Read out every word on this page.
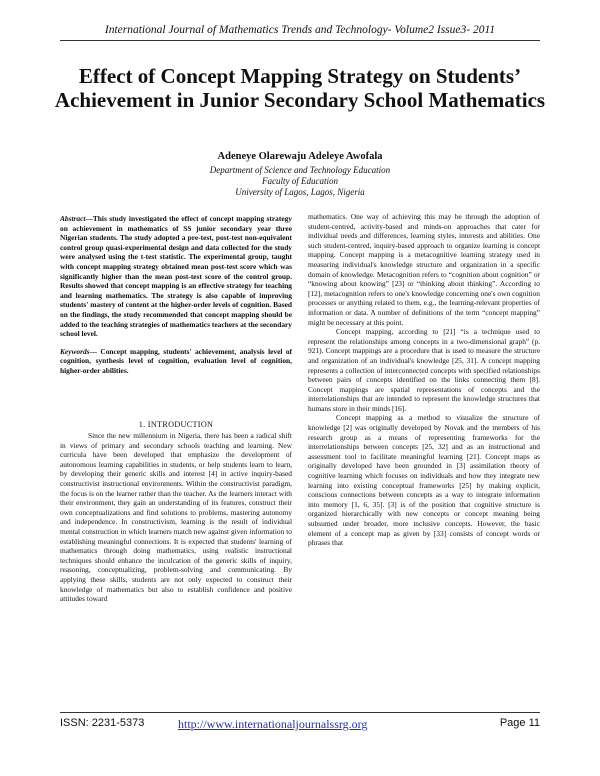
International Journal of Mathematics Trends and Technology- Volume2 Issue3- 2011
Effect of Concept Mapping Strategy on Students’ Achievement in Junior Secondary School Mathematics
Adeneye Olarewaju Adeleye Awofala
Department of Science and Technology Education
Faculty of Education
University of Lagos, Lagos, Nigeria
Abstract—This study investigated the effect of concept mapping strategy on achievement in mathematics of SS junior secondary year three Nigerian students. The study adopted a pre-test, post-test non-equivalent control group quasi-experimental design and data collected for the study were analysed using the t-test statistic. The experimental group, taught with concept mapping strategy obtained mean post-test score which was significantly higher than the mean post-test score of the control group. Results showed that concept mapping is an effective strategy for teaching and learning mathematics. The strategy is also capable of improving students' mastery of content at the higher-order levels of cognition. Based on the findings, the study recommended that concept mapping should be added to the teaching strategies of mathematics teachers at the secondary school level.
Keywords— Concept mapping, students' achievement, analysis level of cognition, synthesis level of cognition, evaluation level of cognition, higher-order abilities.
1. INTRODUCTION

Since the new millennium in Nigeria, there has been a radical shift in views of primary and secondary schools teaching and learning. New curricula have been developed that emphasize the development of autonomous learning capabilities in students, or help students learn to learn, by developing their generic skills and interest [4] in active inquiry-based constructivist instructional environments. Within the constructivist paradigm, the focus is on the learner rather than the teacher. As the learners interact with their environment, they gain an understanding of its features, construct their own conceptualizations and find solutions to problems, mastering autonomy and independence. In constructivism, learning is the result of individual mental construction in which learners match new against given information to establishing meaningful connections. It is expected that students' learning of mathematics through doing mathematics, using realistic instructional techniques should enhance the inculcation of the generic skills of inquiry, reasoning, conceptualizing, problem-solving and communicating. By applying these skills, students are not only expected to construct their knowledge of mathematics but also to establish confidence and positive attitudes toward

mathematics. One way of achieving this may be through the adoption of student-centred, activity-based and minds-on approaches that cater for individual needs and differences, learning styles, interests and abilities. One such student-centred, inquiry-based approach to organize learning is concept mapping. Concept mapping is a metacognitive learning strategy used in measuring individual's knowledge structure and organization in a specific domain of knowledge. Metacognition refers to “cognition about cognition” or “knowing about knowing” [23] or “thinking about thinking”. According to [12], metacognition refers to one's knowledge concerning one's own cognition processes or anything related to them, e.g., the learning-relevant properties of information or data. A number of definitions of the term “concept mapping” might be necessary at this point.

Concept mapping, according to [21] “is a technique used to represent the relationships among concepts in a two-dimensional graph” (p. 921). Concept mappings are a procedure that is used to measure the structure and organization of an individual's knowledge [25, 31]. A concept mapping represents a collection of interconnected concepts with specified relationships between pairs of concepts identified on the links connecting them [8]. Concept mappings are spatial representations of concepts and the interrelationships that are intended to represent the knowledge structures that humans store in their minds [16].

Concept mapping as a method to visualize the structure of knowledge [2] was originally developed by Novak and the members of his research group as a means of representing frameworks for the interrelationships between concepts [25, 32] and as an instructional and assessment tool to facilitate meaningful learning [21]. Concept maps as originally developed have been grounded in [3] assimilation theory of cognitive learning which focuses on individuals and how they integrate new learning into existing conceptual frameworks [25] by making explicit, conscious connections between concepts as a way to integrate information into memory [1, 6, 35]. [3] is of the position that cognitive structure is organized hierarchically with new concepts or concept meaning being subsumed under broader, more inclusive concepts. However, the basic element of a concept map as given by [33] consists of concept words or phrases that

ISSN: 2231-5373	http://www.internationaljournalssrg.org	Page 11
